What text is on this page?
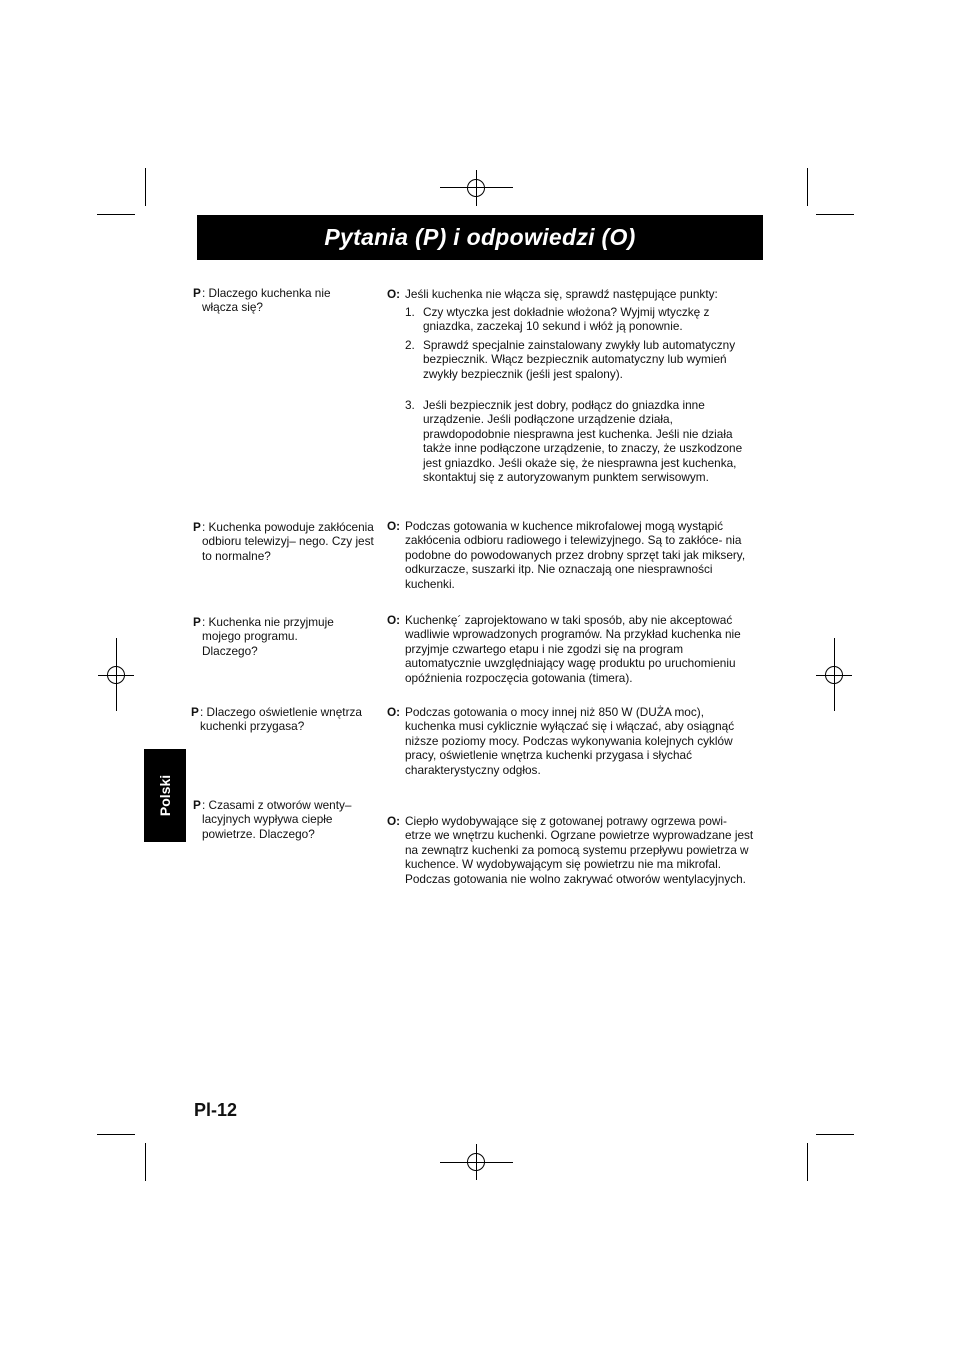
Pytania (P) i odpowiedzi (O)
Polski
P : Dlaczego kuchenka nie włącza się?
O: Jeśli kuchenka nie włącza się, sprawdź następujące punkty:
1. Czy wtyczka jest dokładnie włożona? Wyjmij wtyczkę z gniazdka, zaczekaj 10 sekund i włóż ją ponownie.
2. Sprawdź specjalnie zainstalowany zwykły lub automatyczny bezpiecznik. Włącz bezpiecznik automatyczny lub wymień zwykły bezpiecznik (jeśli jest spalony).
3. Jeśli bezpiecznik jest dobry, podłącz do gniazdka inne urządzenie. Jeśli podłączone urządzenie działa, prawdopodobnie niesprawna jest kuchenka. Jeśli nie działa także inne podłączone urządzenie, to znaczy, że uszkodzone jest gniazdko. Jeśli okaże się, że niesprawna jest kuchenka, skontaktuj się z autoryzowanym punktem serwisowym.
P : Kuchenka powoduje zakłócenia odbioru telewizyj– nego. Czy jest to normalne?
O: Podczas gotowania w kuchence mikrofalowej mogą wystąpić zakłócenia odbioru radiowego i telewizyjnego. Są to zakłóce- nia podobne do powodowanych przez drobny sprzęt taki jak miksery, odkurzacze, suszarki itp. Nie oznaczają one niesprawności kuchenki.
P : Kuchenka nie przyjmuje mojego programu. Dlaczego?
O: Kuchenkę´ zaprojektowano w taki sposób, aby nie akceptować wadliwie wprowadzonych programów. Na przykład kuchenka nie przyjmje czwartego etapu i nie zgodzi się na program automatycznie uwzględniający wagę produktu po uruchomieniu opóźnienia rozpoczęcia gotowania (timera).
P : Dlaczego oświetlenie wnętrza kuchenki przygasa?
O: Podczas gotowania o mocy innej niż 850 W (DUŻA moc), kuchenka musi cyklicznie wyłączać się i włączać, aby osiągnąć niższe poziomy mocy. Podczas wykonywania kolejnych cyklów pracy, oświetlenie wnętrza kuchenki przygasa i słychać charakterystyczny odgłos.
P : Czasami z otworów wenty– lacyjnych wypływa ciepłe powietrze. Dlaczego?
O: Ciepło wydobywające się z gotowanej potrawy ogrzewa powi- etrze we wnętrzu kuchenki. Ogrzane powietrze wyprowadzane jest na zewnątrz kuchenki za pomocą systemu przepływu powietrza w kuchence. W wydobywającym się powietrzu nie ma mikrofal. Podczas gotowania nie wolno zakrywać otworów wentylacyjnych.
Pl-12
